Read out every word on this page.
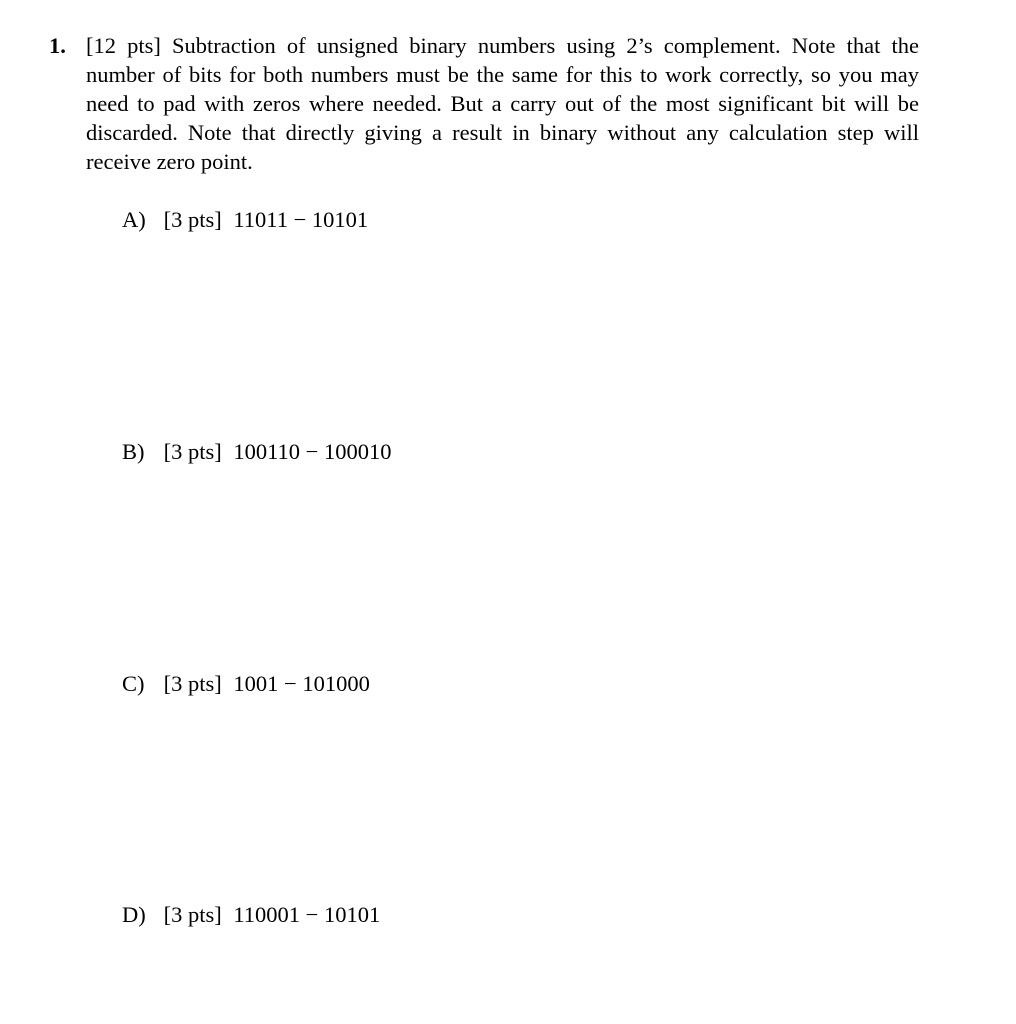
1. [12 pts] Subtraction of unsigned binary numbers using 2’s complement. Note that the number of bits for both numbers must be the same for this to work correctly, so you may need to pad with zeros where needed. But a carry out of the most significant bit will be discarded. Note that directly giving a result in binary without any calculation step will receive zero point.
A) [3 pts] 11011 − 10101
B) [3 pts] 100110 − 100010
C) [3 pts] 1001 − 101000
D) [3 pts] 110001 − 10101
